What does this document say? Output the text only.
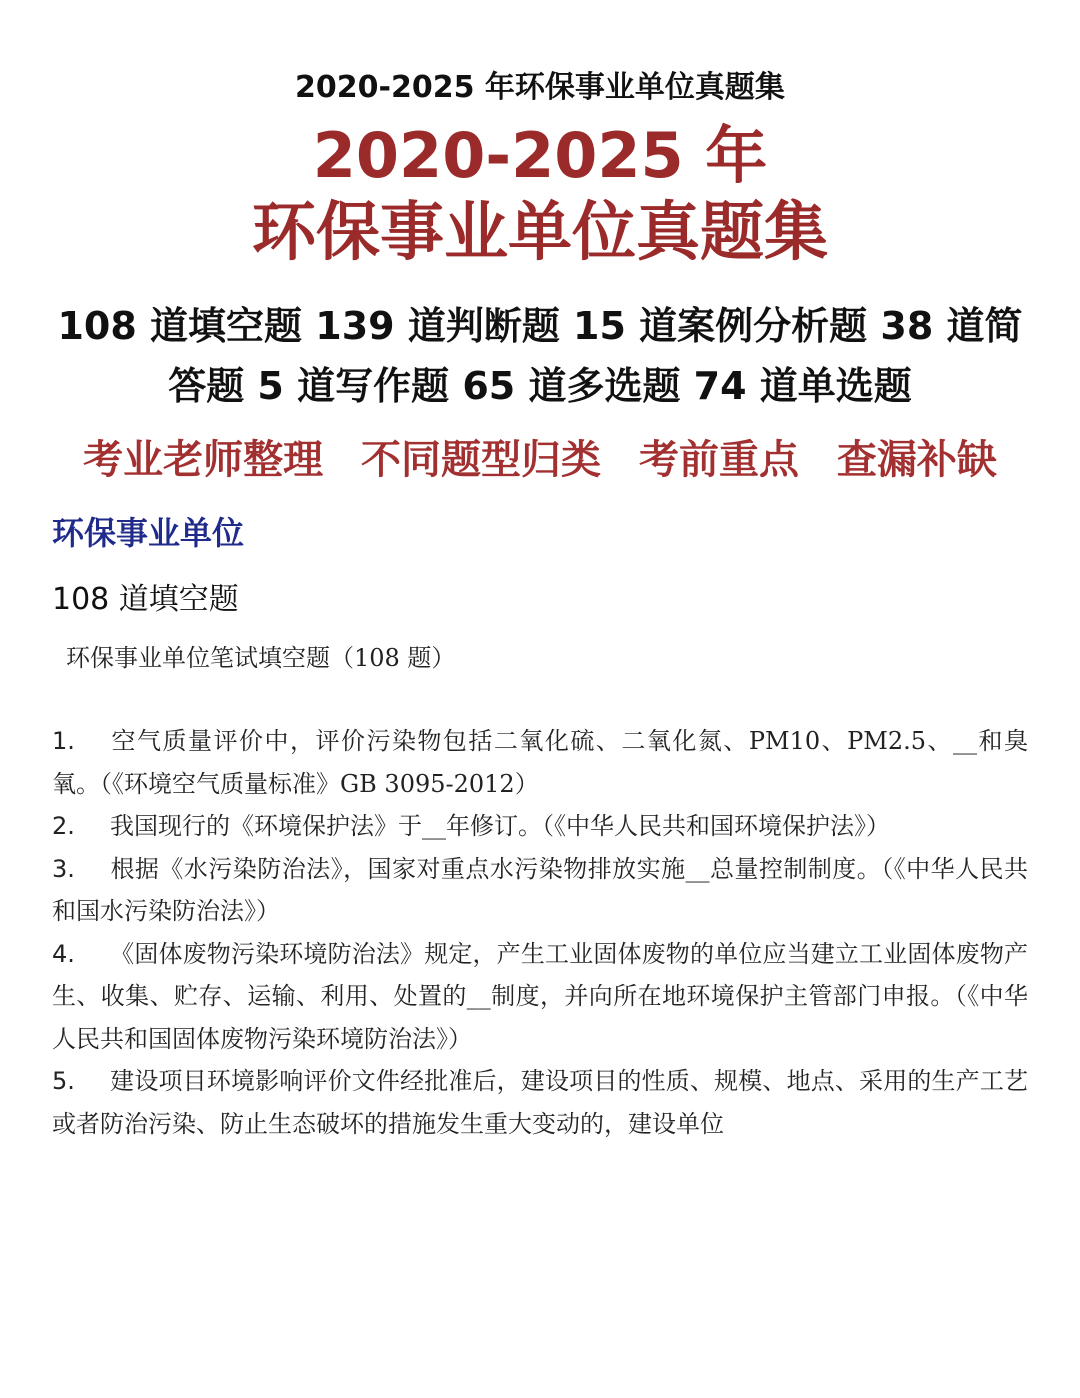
2020-2025 年环保事业单位真题集
2020-2025 年
环保事业单位真题集
108 道填空题 139 道判断题 15 道案例分析题 38 道简
答题 5 道写作题 65 道多选题 74 道单选题
考业老师整理 不同题型归类 考前重点 查漏补缺
环保事业单位
108 道填空题
环保事业单位笔试填空题（108 题）

1. 空气质量评价中，评价污染物包括二氧化硫、二氧化氮、PM10、PM2.5、__和臭氧。（《环境空气质量标准》GB 3095-2012）

2. 我国现行的《环境保护法》于__年修订。（《中华人民共和国环境保护法》）

3. 根据《水污染防治法》，国家对重点水污染物排放实施__总量控制制度。（《中华人民共和国水污染防治法》）

4. 《固体废物污染环境防治法》规定，产生工业固体废物的单位应当建立工业固体废物产生、收集、贮存、运输、利用、处置的__制度，并向所在地环境保护主管部门申报。（《中华人民共和国固体废物污染环境防治法》）

5. 建设项目环境影响评价文件经批准后，建设项目的性质、规模、地点、采用的生产工艺或者防治污染、防止生态破坏的措施发生重大变动的，建设单位
